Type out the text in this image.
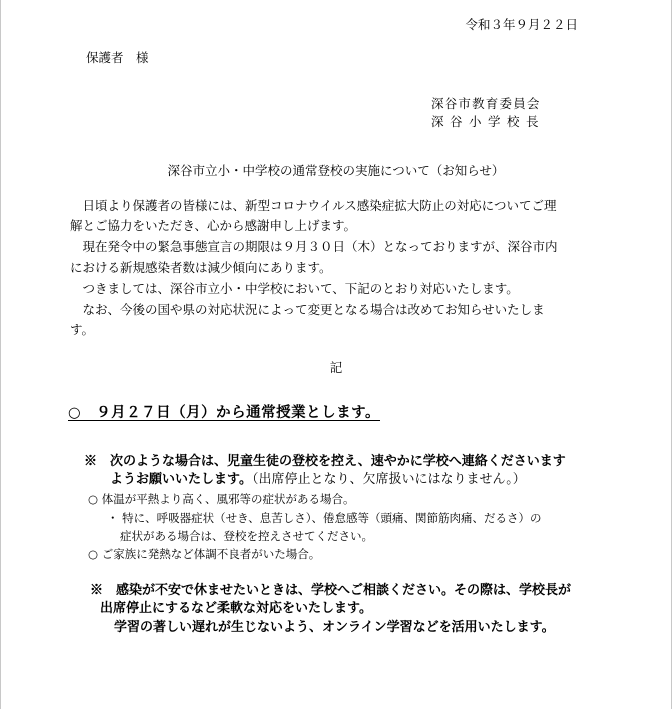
令和３年９月２２日
保護者　様
深谷市教育委員会
深谷小学校長
深谷市立小・中学校の通常登校の実施について（お知らせ）
　日頃より保護者の皆様には、新型コロナウイルス感染症拡大防止の対応についてご理
解とご協力をいただき、心から感謝申し上げます。
　現在発令中の緊急事態宣言の期限は９月３０日（木）となっておりますが、深谷市内
における新規感染者数は減少傾向にあります。
　つきましては、深谷市立小・中学校において、下記のとおり対応いたします。
　なお、今後の国や県の対応状況によって変更となる場合は改めてお知らせいたしま
す。
記
○　９月２７日（月）から通常授業とします。
※　次のような場合は、児童生徒の登校を控え、速やかに学校へ連絡くださいます
ようお願いいたします。（出席停止となり、欠席扱いにはなりません。）
○ 体温が平熱より高く、風邪等の症状がある場合。
・ 特に、呼吸器症状（せき、息苦しさ）、倦怠感等（頭痛、関節筋肉痛、だるさ）の
症状がある場合は、登校を控えさせてください。
○ ご家族に発熱など体調不良者がいた場合。
※　感染が不安で休ませたいときは、学校へご相談ください。その際は、学校長が
出席停止にするなど柔軟な対応をいたします。
学習の著しい遅れが生じないよう、オンライン学習などを活用いたします。
